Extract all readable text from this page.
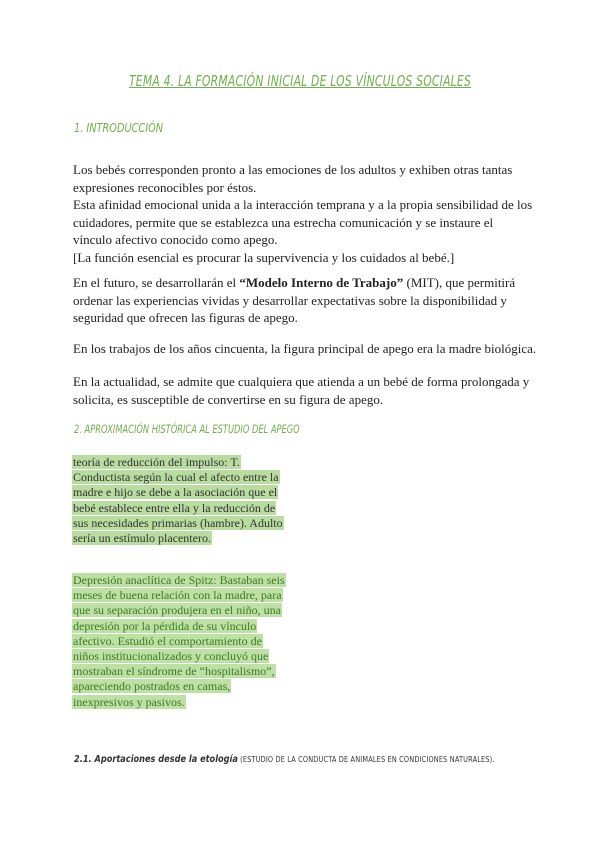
TEMA 4. LA FORMACIÓN INICIAL DE LOS VÍNCULOS SOCIALES
1. INTRODUCCIÓN
Los bebés corresponden pronto a las emociones de los adultos y exhiben otras tantas
expresiones reconocibles por éstos.
Esta afinidad emocional unida a la interacción temprana y a la propia sensibilidad de los
cuidadores, permite que se establezca una estrecha comunicación y se instaure el
vínculo afectivo conocido como apego.
[La función esencial es procurar la supervivencia y los cuidados al bebé.]
En el futuro, se desarrollarán el “Modelo Interno de Trabajo” (MIT), que permitirá ordenar las experiencias vividas y desarrollar expectativas sobre la disponibilidad y seguridad que ofrecen las figuras de apego.
En los trabajos de los años cincuenta, la figura principal de apego era la madre biológica.
En la actualidad, se admite que cualquiera que atienda a un bebé de forma prolongada y solicita, es susceptible de convertirse en su figura de apego.
2. APROXIMACIÓN HISTÓRICA AL ESTUDIO DEL APEGO
teoría de reducción del impulso: T. Conductista según la cual el afecto entre la madre e hijo se debe a la asociación que el bebé establece entre ella y la reducción de sus necesidades primarias (hambre). Adulto sería un estímulo placentero.
Depresión anaclítica de Spitz: Bastaban seis meses de buena relación con la madre, para que su separación produjera en el niño, una depresión por la pérdida de su vínculo afectivo. Estudió el comportamiento de niños institucionalizados y concluyó que mostraban el síndrome de “hospitalismo”, apareciendo postrados en camas, inexpresivos y pasivos.
2.1. Aportaciones desde la etología (ESTUDIO DE LA CONDUCTA DE ANIMALES EN CONDICIONES NATURALES).
